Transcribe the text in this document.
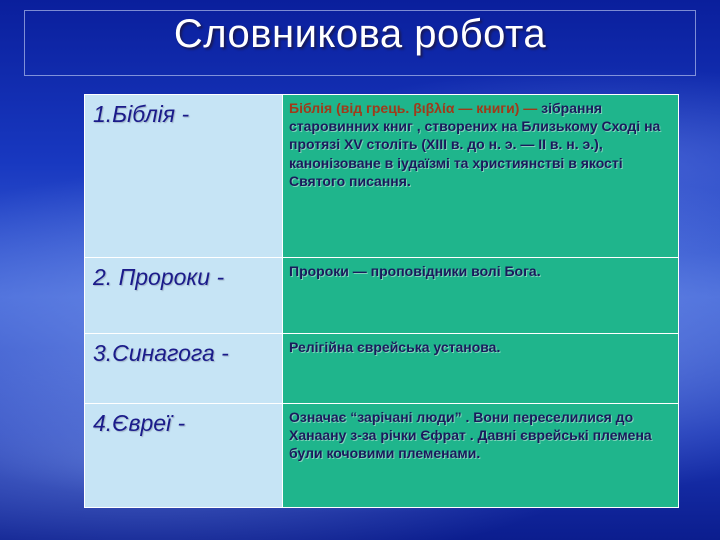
Словникова робота
1.Біблія -	Біблія (від грець. βιβλία — книги) — зібрання старовинних книг , створених на Близькому Сході на протязі XV століть (XIII в. до н. э. — II в. н. э.), канонізоване в іудаїзмі та християнстві в якості Святого писання.
2. Пророки -	Пророки — проповідники волі Бога.
3.Синагога -	Релігійна єврейська установа.
4.Євреї -	Означає “зарічані люди” . Вони переселилися до Ханаану з-за річки Єфрат . Давні єврейські племена були кочовими племенами.
